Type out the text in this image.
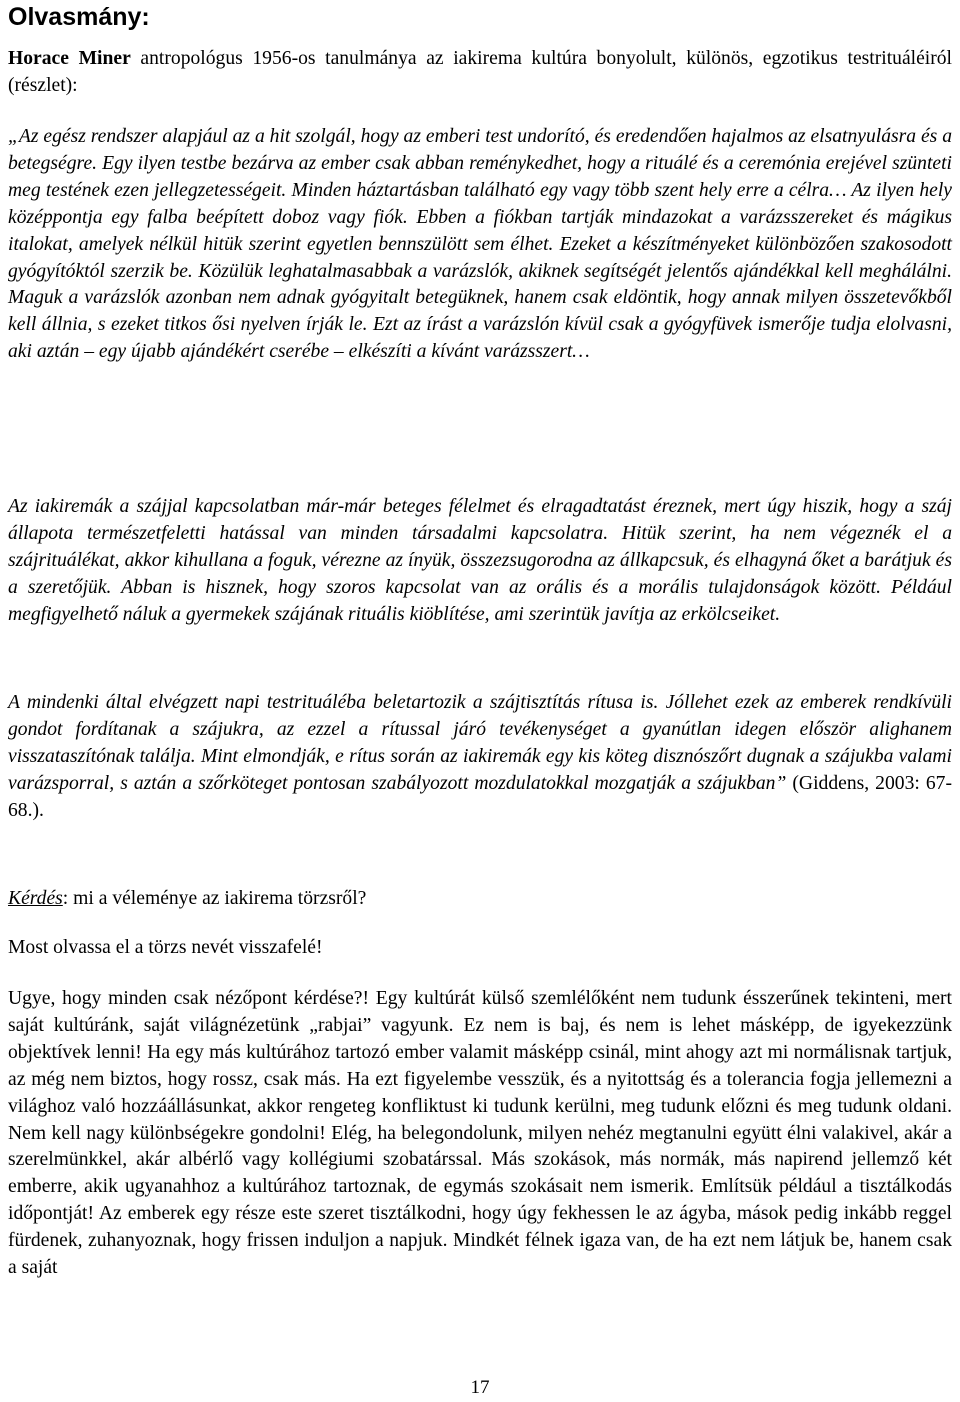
Olvasmány:

Horace Miner antropológus 1956-os tanulmánya az iakirema kultúra bonyolult, különös, egzotikus testrituáléiról (részlet):

„Az egész rendszer alapjául az a hit szolgál, hogy az emberi test undorító, és eredendően hajalmos az elsatnyulásra és a betegségre. Egy ilyen testbe bezárva az ember csak abban reménykedhet, hogy a rituálé és a ceremónia erejével szünteti meg testének ezen jellegzetességeit. Minden háztartásban található egy vagy több szent hely erre a célra… Az ilyen hely középpontja egy falba beépített doboz vagy fiók. Ebben a fiókban tartják mindazokat a varázsszereket és mágikus italokat, amelyek nélkül hitük szerint egyetlen bennszülött sem élhet. Ezeket a készítményeket különbözően szakosodott gyógyítóktól szerzik be. Közülük leghatalmasabbak a varázslók, akiknek segítségét jelentős ajándékkal kell meghálálni. Maguk a varázslók azonban nem adnak gyógyitalt betegüknek, hanem csak eldöntik, hogy annak milyen összetevőkből kell állnia, s ezeket titkos ősi nyelven írják le. Ezt az írást a varázslón kívül csak a gyógyfüvek ismerője tudja elolvasni, aki aztán – egy újabb ajándékért cserébe – elkészíti a kívánt varázsszert…

Az iakiremák a szájjal kapcsolatban már-már beteges félelmet és elragadtatást éreznek, mert úgy hiszik, hogy a száj állapota természetfeletti hatással van minden társadalmi kapcsolatra. Hitük szerint, ha nem végeznék el a szájrituálékat, akkor kihullana a foguk, vérezne az ínyük, összezsugorodna az állkapcsuk, és elhagyná őket a barátjuk és a szeretőjük. Abban is hisznek, hogy szoros kapcsolat van az orális és a morális tulajdonságok között. Például megfigyelhető náluk a gyermekek szájának rituális kiöblítése, ami szerintük javítja az erkölcseiket.

A mindenki által elvégzett napi testrituáléba beletartozik a szájtisztítás rítusa is. Jóllehet ezek az emberek rendkívüli gondot fordítanak a szájukra, az ezzel a rítussal járó tevékenységet a gyanútlan idegen először alighanem visszataszítónak találja. Mint elmondják, e rítus során az iakiremák egy kis köteg disznószőrt dugnak a szájukba valami varázsporral, s aztán a szőrköteget pontosan szabályozott mozdulatokkal mozgatják a szájukban” (Giddens, 2003: 67-68.).

Kérdés: mi a véleménye az iakirema törzsről?

Most olvassa el a törzs nevét visszafelé!

Ugye, hogy minden csak nézőpont kérdése?! Egy kultúrát külső szemlélőként nem tudunk ésszerűnek tekinteni, mert saját kultúránk, saját világnézetünk „rabjai” vagyunk. Ez nem is baj, és nem is lehet másképp, de igyekezzünk objektívek lenni! Ha egy más kultúrához tartozó ember valamit másképp csinál, mint ahogy azt mi normálisnak tartjuk, az még nem biztos, hogy rossz, csak más. Ha ezt figyelembe vesszük, és a nyitottság és a tolerancia fogja jellemezni a világhoz való hozzáállásunkat, akkor rengeteg konfliktust ki tudunk kerülni, meg tudunk előzni és meg tudunk oldani. Nem kell nagy különbségekre gondolni! Elég, ha belegondolunk, milyen nehéz megtanulni együtt élni valakivel, akár a szerelmünkkel, akár albérlő vagy kollégiumi szobatárssal. Más szokások, más normák, más napirend jellemző két emberre, akik ugyanahhoz a kultúrához tartoznak, de egymás szokásait nem ismerik. Említsük például a tisztálkodás időpontját! Az emberek egy része este szeret tisztálkodni, hogy úgy fekhessen le az ágyba, mások pedig inkább reggel fürdenek, zuhanyoznak, hogy frissen induljon a napjuk. Mindkét félnek igaza van, de ha ezt nem látjuk be, hanem csak a saját

17
